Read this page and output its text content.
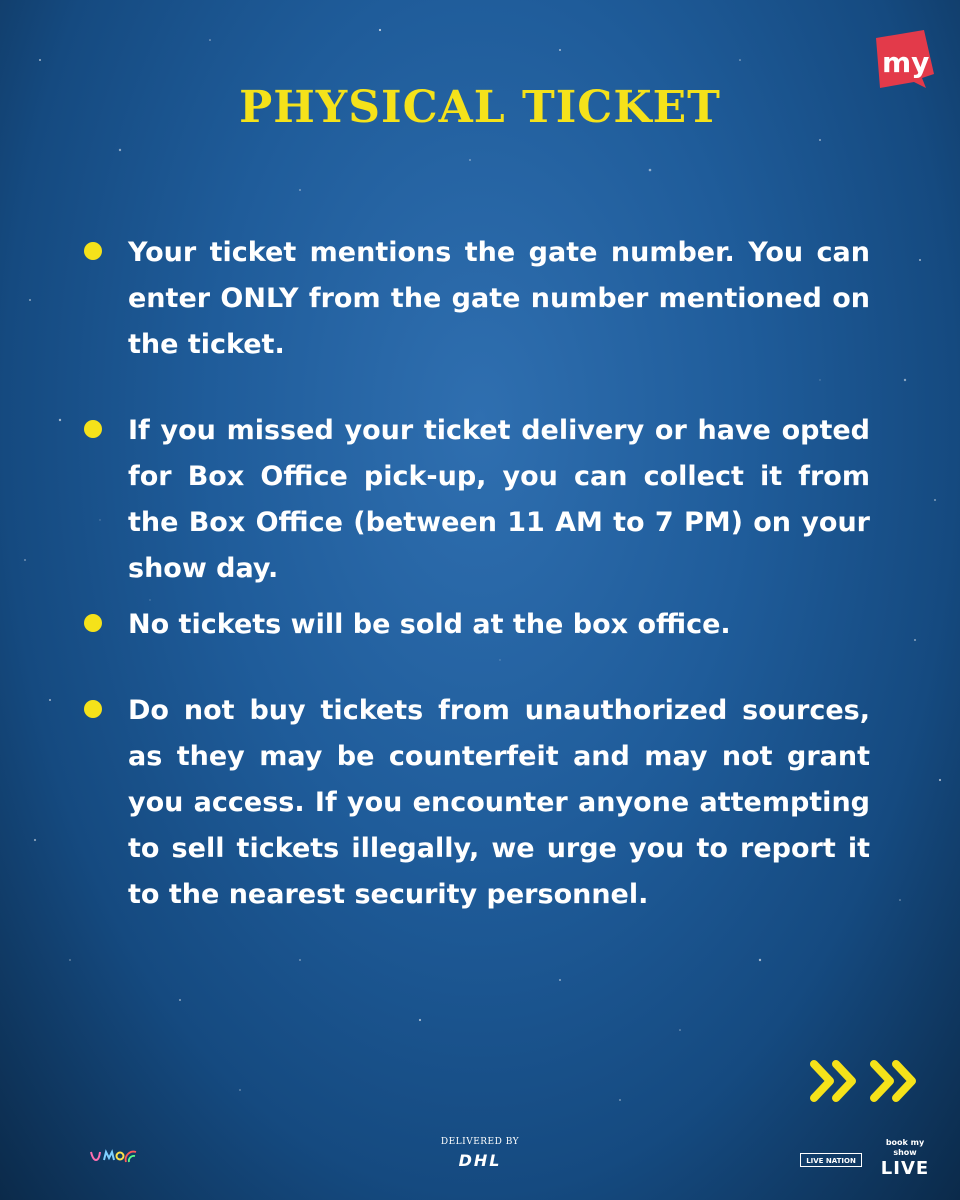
PHYSICAL TICKET
my

Your ticket mentions the gate number. You can enter ONLY from the gate number mentioned on the ticket.

If you missed your ticket delivery or have opted for Box Office pick-up, you can collect it from the Box Office (between 11 AM to 7 PM) on your show day.

No tickets will be sold at the box office.

Do not buy tickets from unauthorized sources, as they may be counterfeit and may not grant you access. If you encounter anyone attempting to sell tickets illegally, we urge you to report it to the nearest security personnel.

DELIVERED BY
DHL	LIVE NATION
book my show
LIVE
